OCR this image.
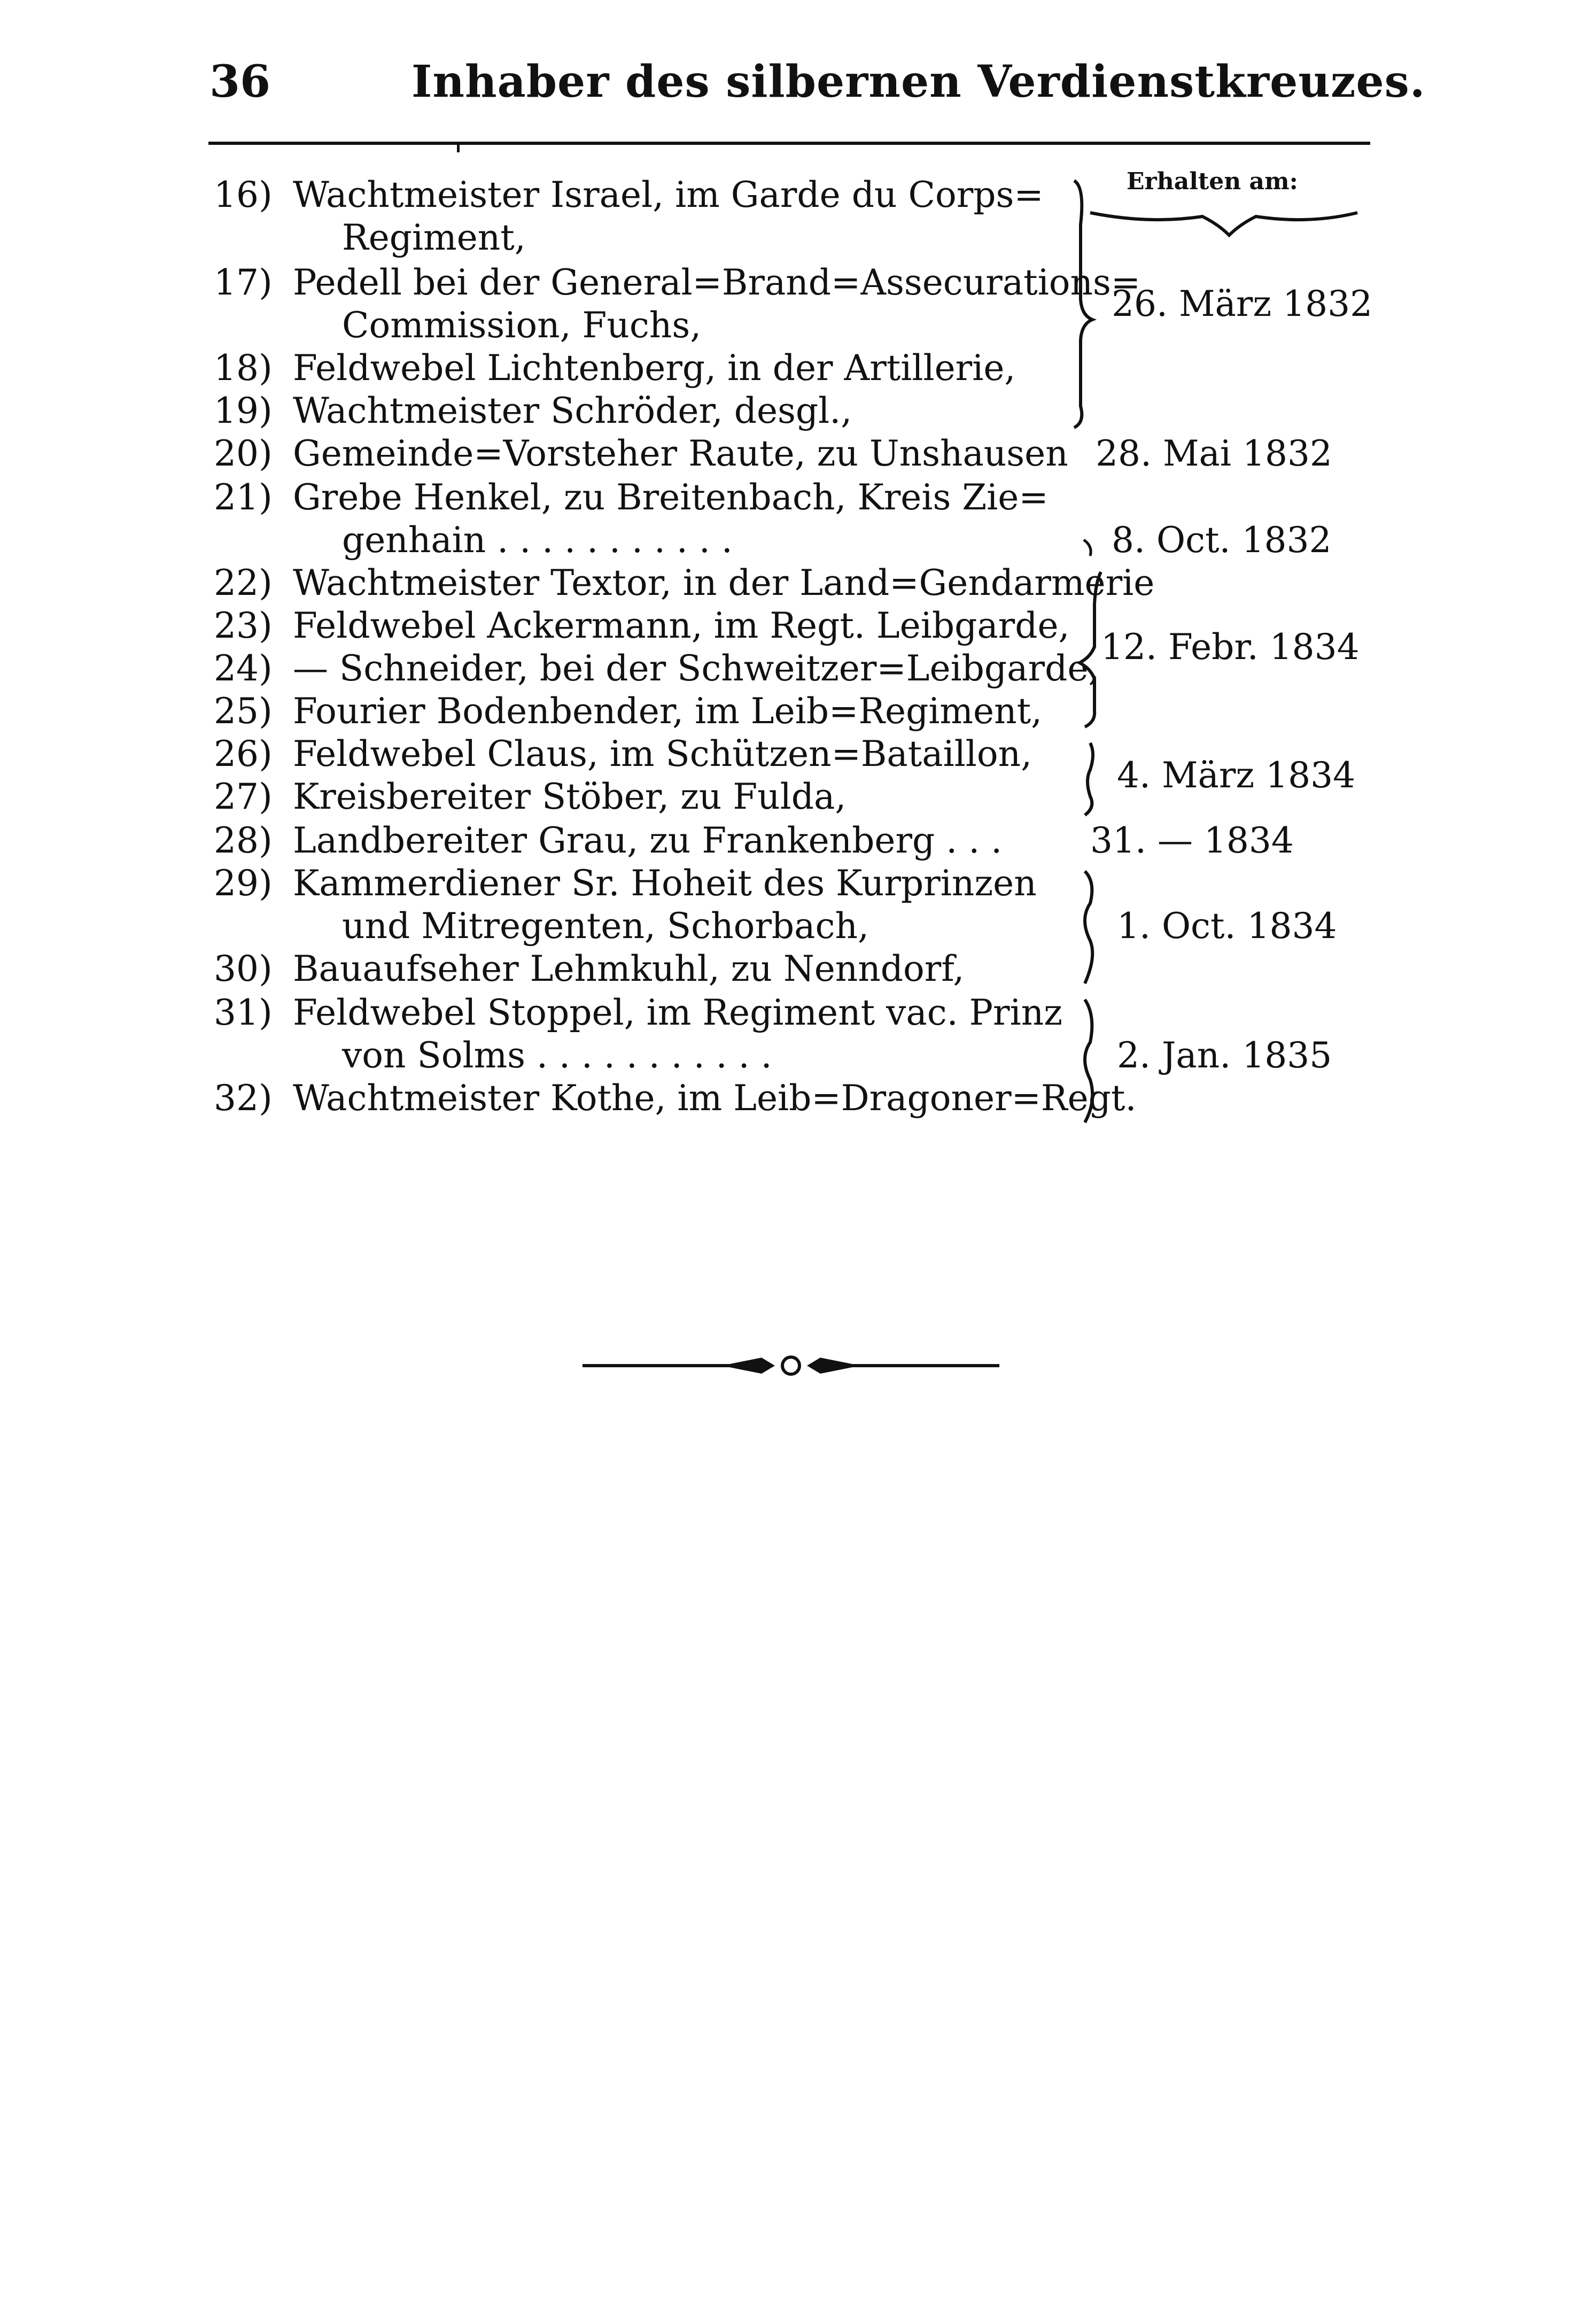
36	Inhaber des silbernen Verdienstkreuzes.
Erhalten am:
16) Wachtmeister Israel, im Garde du Corps=
Regiment,
17) Pedell bei der General=Brand=Assecurations=
Commission, Fuchs,
18) Feldwebel Lichtenberg, in der Artillerie,
19) Wachtmeister Schröder, desgl.,
20) Gemeinde=Vorsteher Raute, zu Unshausen
21) Grebe Henkel, zu Breitenbach, Kreis Zie=
genhain . . . . . . . . . . .
22) Wachtmeister Textor, in der Land=Gendarmerie
23) Feldwebel Ackermann, im Regt. Leibgarde,
24) — Schneider, bei der Schweitzer=Leibgarde,
25) Fourier Bodenbender, im Leib=Regiment,
26) Feldwebel Claus, im Schützen=Bataillon,
27) Kreisbereiter Stöber, zu Fulda,
28) Landbereiter Grau, zu Frankenberg . . .
29) Kammerdiener Sr. Hoheit des Kurprinzen
und Mitregenten, Schorbach,
30) Bauaufseher Lehmkuhl, zu Nenndorf,
31) Feldwebel Stoppel, im Regiment vac. Prinz
von Solms . . . . . . . . . . .
32) Wachtmeister Kothe, im Leib=Dragoner=Regt.
26. März 1832
28. Mai 1832
8. Oct. 1832
12. Febr. 1834
4. März 1834
31. — 1834
1. Oct. 1834
2. Jan. 1835
